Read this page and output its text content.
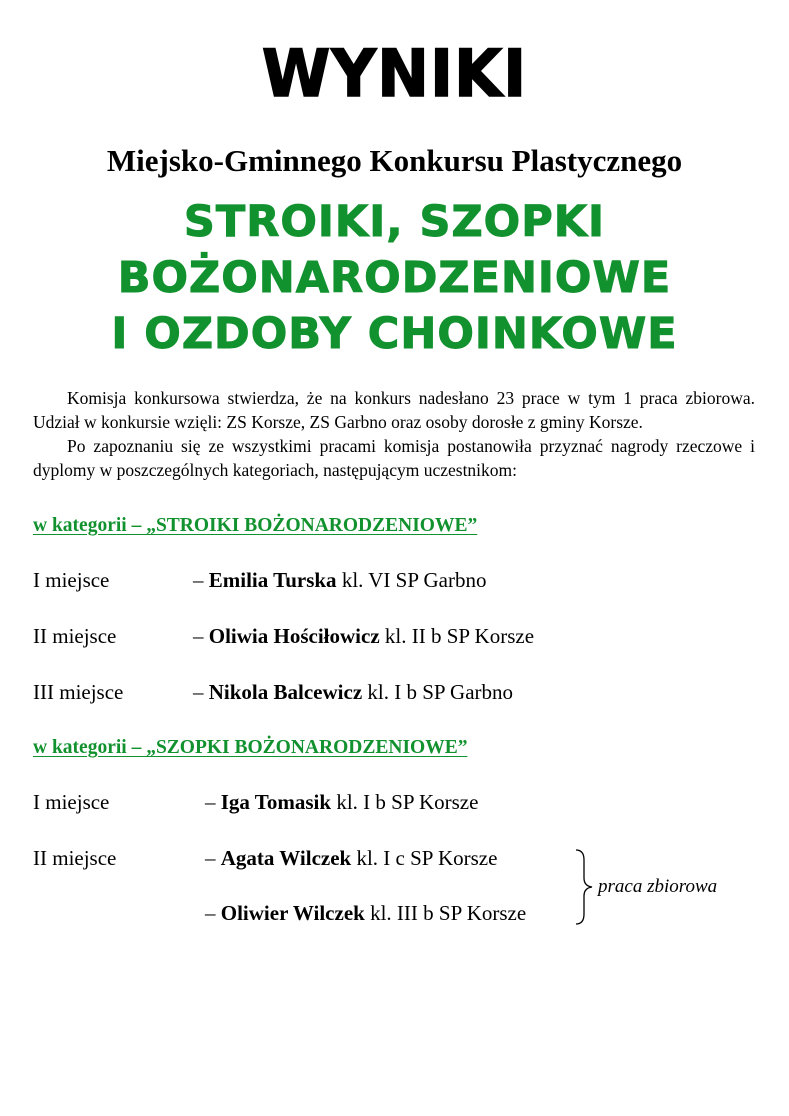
WYNIKI
Miejsko-Gminnego Konkursu Plastycznego
STROIKI, SZOPKI
BOŻONARODZENIOWE
I OZDOBY CHOINKOWE

Komisja konkursowa stwierdza, że na konkurs nadesłano 23 prace w tym 1 praca zbiorowa. Udział w konkursie wzięli: ZS Korsze, ZS Garbno oraz osoby dorosłe z gminy Korsze.

Po zapoznaniu się ze wszystkimi pracami komisja postanowiła przyznać nagrody rzeczowe i dyplomy w poszczególnych kategoriach, następującym uczestnikom:

w kategorii – „STROIKI BOŻONARODZENIOWE”
I miejsce	– Emilia Turska kl. VI SP Garbno
II miejsce	– Oliwia Hościłowicz kl. II b SP Korsze
III miejsce	– Nikola Balcewicz kl. I b SP Garbno
w kategorii – „SZOPKI BOŻONARODZENIOWE”
I miejsce	– Iga Tomasik kl. I b SP Korsze
II miejsce	– Agata Wilczek kl. I c SP Korsze
– Oliwier Wilczek kl. III b SP Korsze
praca zbiorowa
